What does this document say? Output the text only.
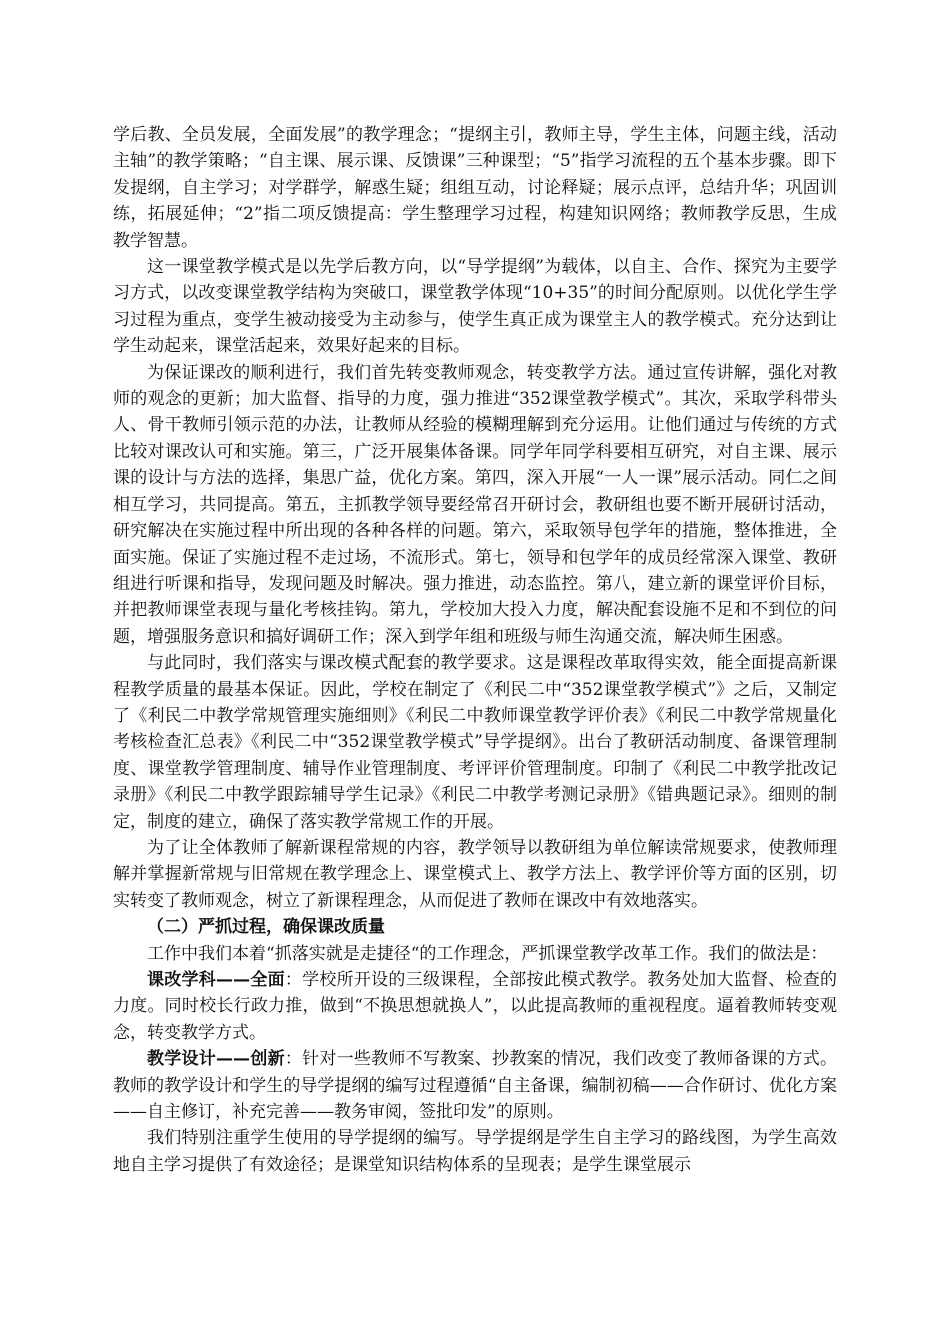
学后教、全员发展，全面发展”的教学理念；“提纲主引，教师主导，学生主体，问题主线，活动主轴”的教学策略；“自主课、展示课、反馈课”三种课型；“5”指学习流程的五个基本步骤。即下发提纲，自主学习；对学群学，解惑生疑；组组互动，讨论释疑；展示点评，总结升华；巩固训练，拓展延伸；“2”指二项反馈提高：学生整理学习过程，构建知识网络；教师教学反思，生成教学智慧。

这一课堂教学模式是以先学后教方向，以“导学提纲”为载体，以自主、合作、探究为主要学习方式，以改变课堂教学结构为突破口，课堂教学体现“10+35”的时间分配原则。以优化学生学习过程为重点，变学生被动接受为主动参与，使学生真正成为课堂主人的教学模式。充分达到让学生动起来，课堂活起来，效果好起来的目标。

为保证课改的顺利进行，我们首先转变教师观念，转变教学方法。通过宣传讲解，强化对教师的观念的更新；加大监督、指导的力度，强力推进“352课堂教学模式”。其次，采取学科带头人、骨干教师引领示范的办法，让教师从经验的模糊理解到充分运用。让他们通过与传统的方式比较对课改认可和实施。第三，广泛开展集体备课。同学年同学科要相互研究，对自主课、展示课的设计与方法的选择，集思广益，优化方案。第四，深入开展“一人一课”展示活动。同仁之间相互学习，共同提高。第五，主抓教学领导要经常召开研讨会，教研组也要不断开展研讨活动，研究解决在实施过程中所出现的各种各样的问题。第六，采取领导包学年的措施，整体推进，全面实施。保证了实施过程不走过场，不流形式。第七，领导和包学年的成员经常深入课堂、教研组进行听课和指导，发现问题及时解决。强力推进，动态监控。第八，建立新的课堂评价目标，并把教师课堂表现与量化考核挂钩。第九，学校加大投入力度，解决配套设施不足和不到位的问题，增强服务意识和搞好调研工作；深入到学年组和班级与师生沟通交流，解决师生困惑。

与此同时，我们落实与课改模式配套的教学要求。这是课程改革取得实效，能全面提高新课程教学质量的最基本保证。因此，学校在制定了《利民二中“352课堂教学模式”》之后，又制定了《利民二中教学常规管理实施细则》《利民二中教师课堂教学评价表》《利民二中教学常规量化考核检查汇总表》《利民二中“352课堂教学模式”导学提纲》。出台了教研活动制度、备课管理制度、课堂教学管理制度、辅导作业管理制度、考评评价管理制度。印制了《利民二中教学批改记录册》《利民二中教学跟踪辅导学生记录》《利民二中教学考测记录册》《错典题记录》。细则的制定，制度的建立，确保了落实教学常规工作的开展。

为了让全体教师了解新课程常规的内容，教学领导以教研组为单位解读常规要求，使教师理解并掌握新常规与旧常规在教学理念上、课堂模式上、教学方法上、教学评价等方面的区别，切实转变了教师观念，树立了新课程理念，从而促进了教师在课改中有效地落实。

（二）严抓过程，确保课改质量

工作中我们本着“抓落实就是走捷径“的工作理念，严抓课堂教学改革工作。我们的做法是：

课改学科——全面：学校所开设的三级课程，全部按此模式教学。教务处加大监督、检查的力度。同时校长行政力推，做到“不换思想就换人”，以此提高教师的重视程度。逼着教师转变观念，转变教学方式。

教学设计——创新：针对一些教师不写教案、抄教案的情况，我们改变了教师备课的方式。教师的教学设计和学生的导学提纲的编写过程遵循“自主备课，编制初稿——合作研讨、优化方案——自主修订，补充完善——教务审阅，签批印发”的原则。

我们特别注重学生使用的导学提纲的编写。导学提纲是学生自主学习的路线图，为学生高效地自主学习提供了有效途径；是课堂知识结构体系的呈现表；是学生课堂展示
